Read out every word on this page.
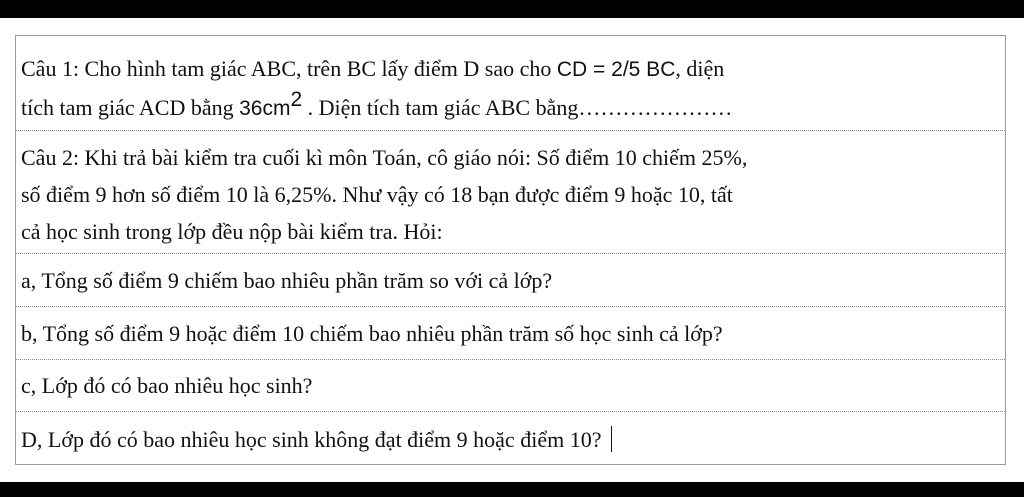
Câu 1: Cho hình tam giác ABC, trên BC lấy điểm D sao cho CD = 2/5 BC, diện
tích tam giác ACD bằng $36cm^2$ . Diện tích tam giác ABC bằng…………………
Câu 2: Khi trả bài kiểm tra cuối kì môn Toán, cô giáo nói: Số điểm 10 chiếm 25%,
số điểm 9 hơn số điểm 10 là 6,25%. Như vậy có 18 bạn được điểm 9 hoặc 10, tất
cả học sinh trong lớp đều nộp bài kiểm tra. Hỏi:
a, Tổng số điểm 9 chiếm bao nhiêu phần trăm so với cả lớp?
b, Tổng số điểm 9 hoặc điểm 10 chiếm bao nhiêu phần trăm số học sinh cả lớp?
c, Lớp đó có bao nhiêu học sinh?
D, Lớp đó có bao nhiêu học sinh không đạt điểm 9 hoặc điểm 10?
